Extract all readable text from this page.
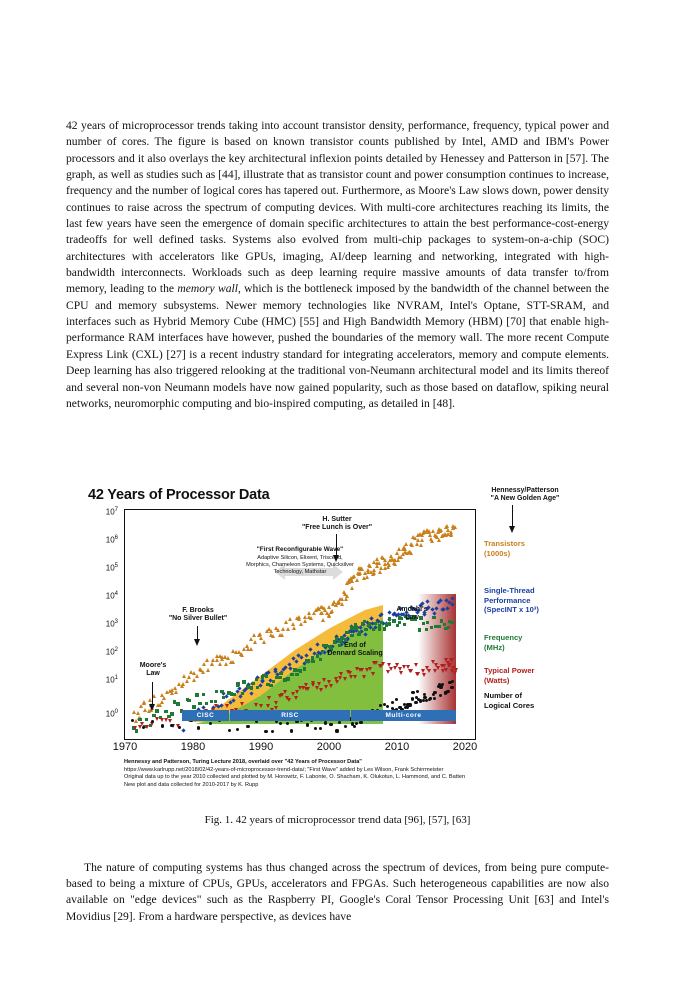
42 years of microprocessor trends taking into account transistor density, performance, frequency, typical power and number of cores. The figure is based on known transistor counts published by Intel, AMD and IBM's Power processors and it also overlays the key architectural inflexion points detailed by Henessey and Patterson in [57]. The graph, as well as studies such as [44], illustrate that as transistor count and power consumption continues to increase, frequency and the number of logical cores has tapered out. Furthermore, as Moore's Law slows down, power density continues to raise across the spectrum of computing devices. With multi-core architectures reaching its limits, the last few years have seen the emergence of domain specific architectures to attain the best performance-cost-energy tradeoffs for well defined tasks. Systems also evolved from multi-chip packages to system-on-a-chip (SOC) architectures with accelerators like GPUs, imaging, AI/deep learning and networking, integrated with high-bandwidth interconnects. Workloads such as deep learning require massive amounts of data transfer to/from memory, leading to the memory wall, which is the bottleneck imposed by the bandwidth of the channel between the CPU and memory subsystems. Newer memory technologies like NVRAM, Intel's Optane, STT-SRAM, and interfaces such as Hybrid Memory Cube (HMC) [55] and High Bandwidth Memory (HBM) [70] that enable high-performance RAM interfaces have however, pushed the boundaries of the memory wall. The more recent Compute Express Link (CXL) [27] is a recent industry standard for integrating accelerators, memory and compute elements. Deep learning has also triggered relooking at the traditional von-Neumann architectural model and its limits thereof and several non-von Neumann models have now gained popularity, such as those based on dataflow, spiking neural networks, neuromorphic computing and bio-inspired computing, as detailed in [48].

42 Years of Processor Data
$10^7$
$10^6$
$10^5$
$10^4$
$10^3$
$10^2$
$10^1$
$10^0$
1970	1980	1990	2000	2010	2020
CISC	RISC	Multi-core
Moore's
Law
F. Brooks
"No Silver Bullet"
H. Sutter
"Free Lunch is Over"
"First Reconfigurable Wave"
Adaptive Silicon, Elixent, Triscend, Morphics, Chameleon Systems, Quicksilver Technology, Mathstar
End of
Dennard Scaling
Amdahl's
Law
Hennessy/Patterson
"A New Golden Age"
Transistors
(1000s)
Single-Thread
Performance
(SpecINT x 10³)
Frequency
(MHz)
Typical Power
(Watts)
Number of
Logical Cores
Hennessy and Patterson, Turing Lecture 2018, overlaid over "42 Years of Processor Data"
https://www.karlrupp.net/2018/02/42-years-of-microprocessor-trend-data/; "First Wave" added by Les Wilson, Frank Schirrmeister
Original data up to the year 2010 collected and plotted by M. Horowitz, F. Labonte, O. Shacham, K. Olukotun, L. Hammond, and C. Batten
New plot and data collected for 2010-2017 by K. Rupp
Fig. 1. 42 years of microprocessor trend data [96], [57], [63]

The nature of computing systems has thus changed across the spectrum of devices, from being pure compute-based to being a mixture of CPUs, GPUs, accelerators and FPGAs. Such heterogeneous capabilities are now also available on "edge devices" such as the Raspberry PI, Google's Coral Tensor Processing Unit [63] and Intel's Movidius [29]. From a hardware perspective, as devices have
